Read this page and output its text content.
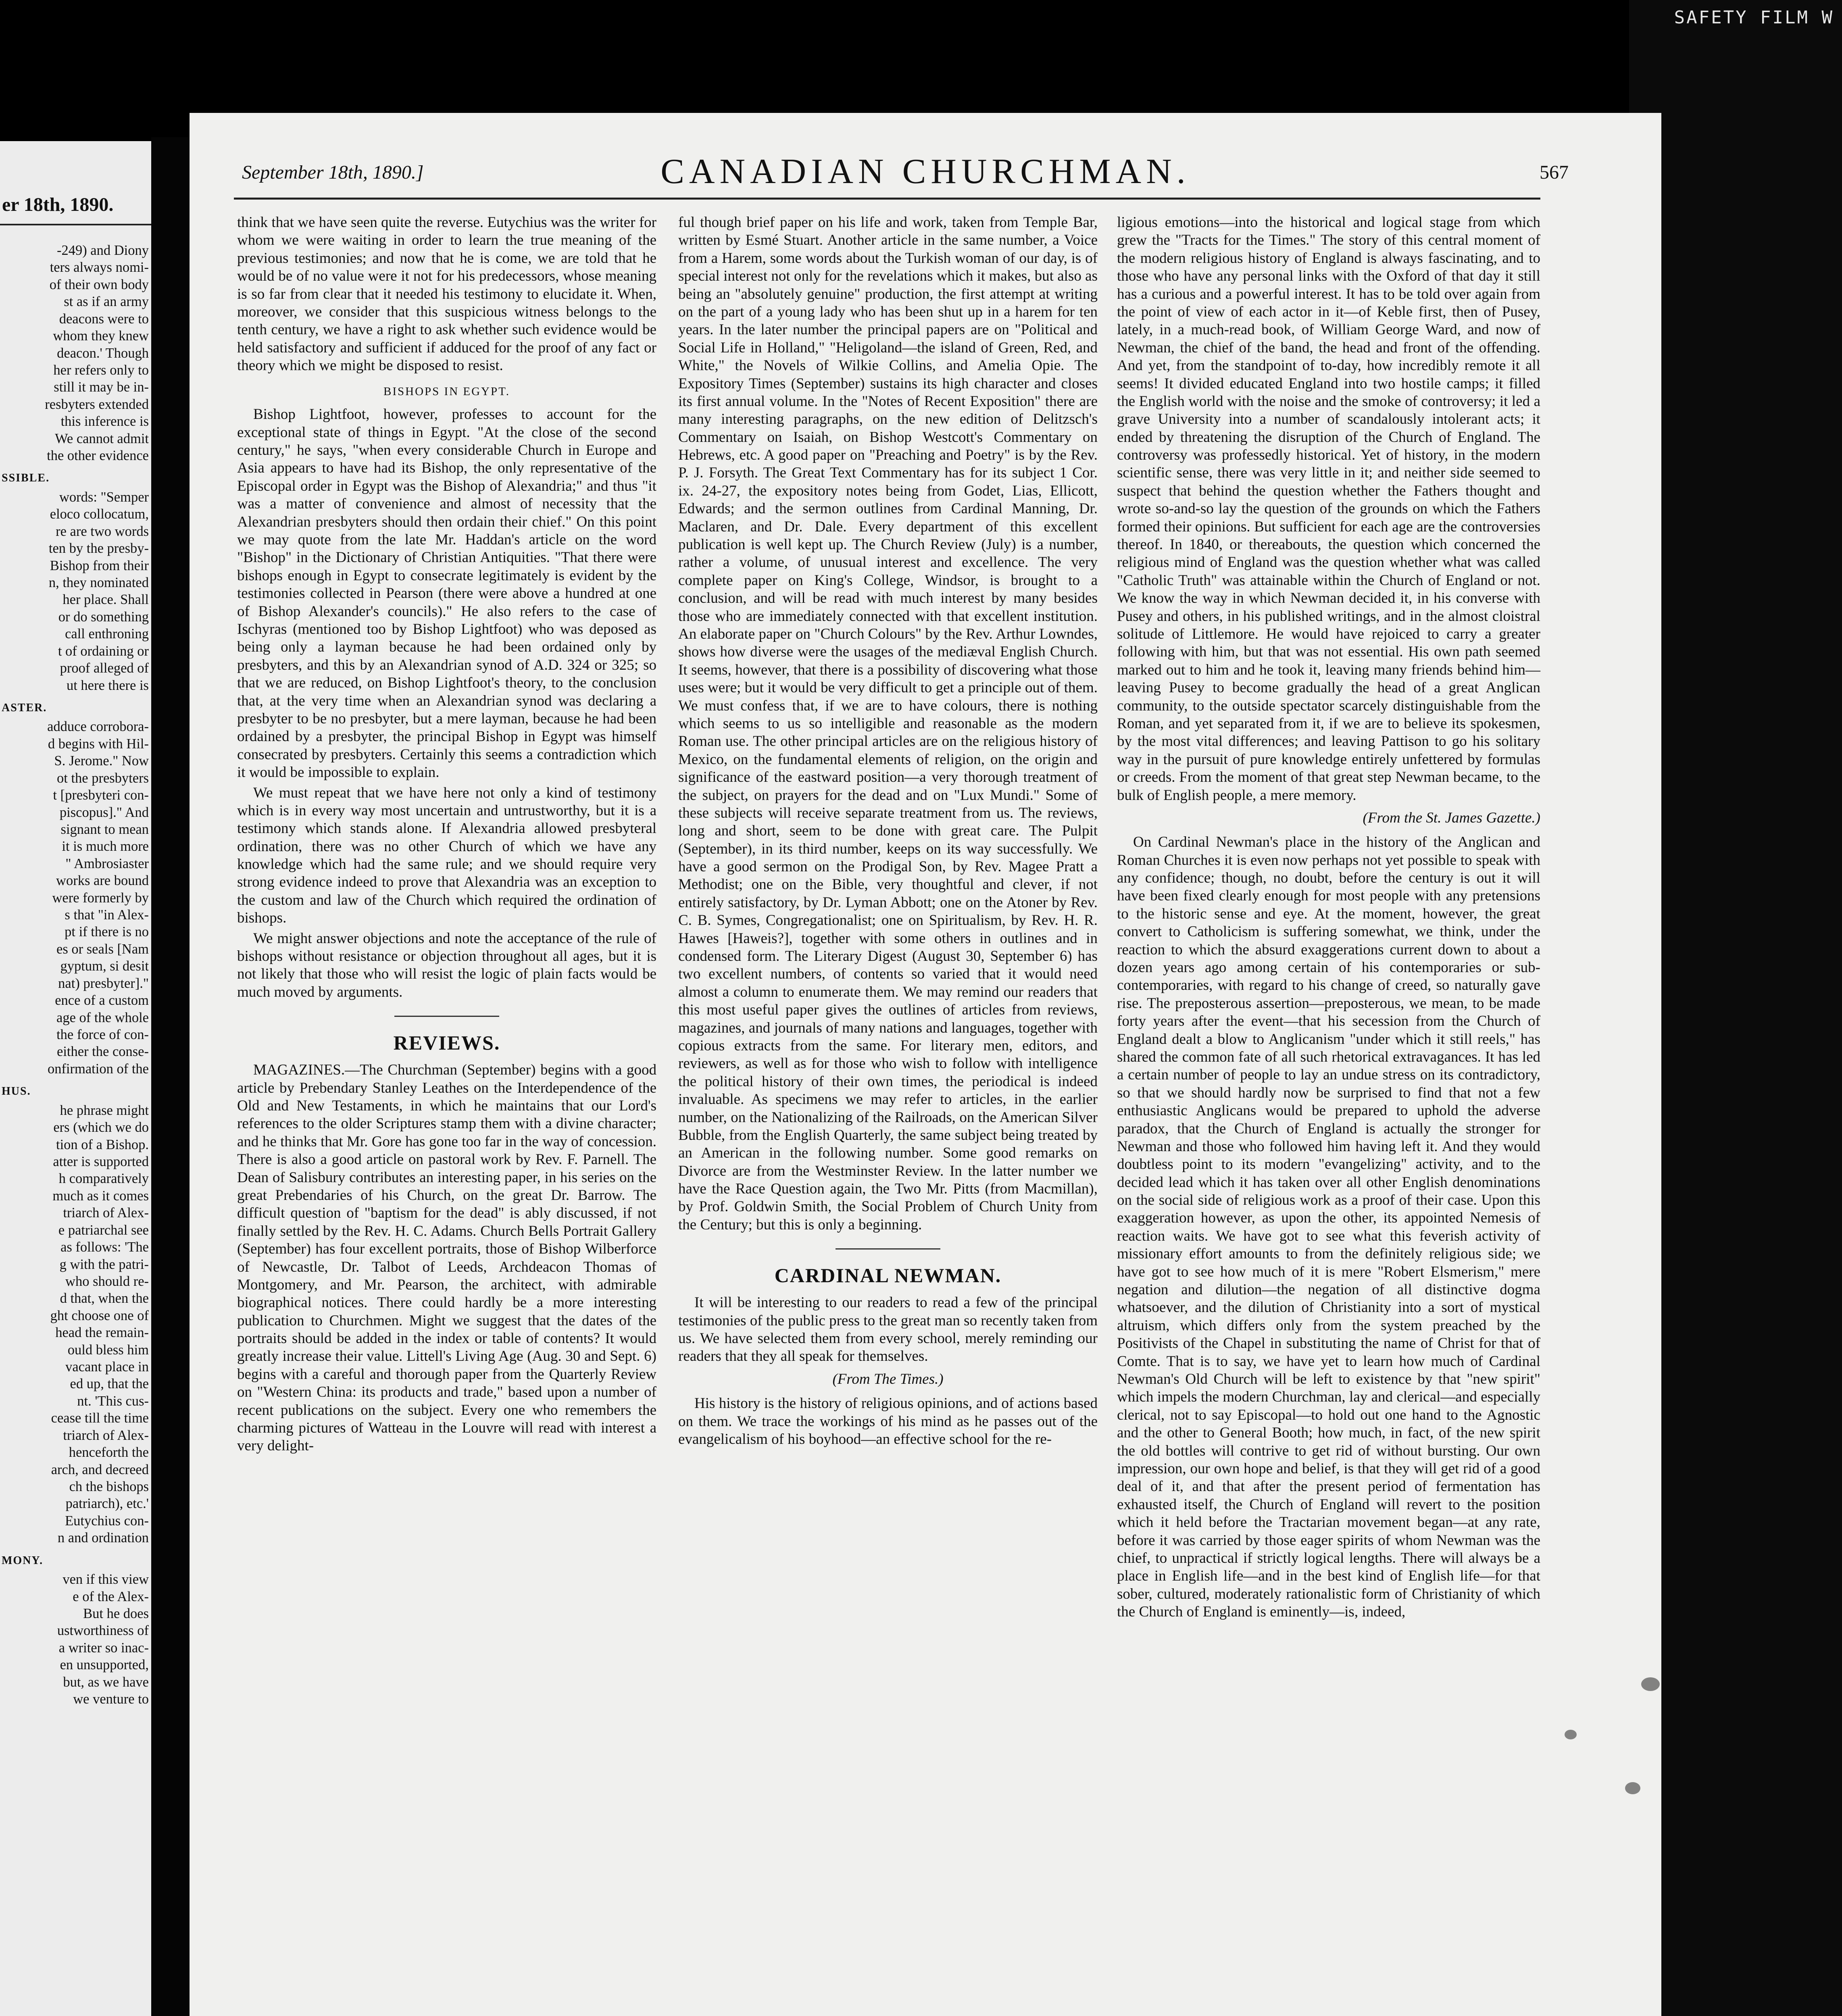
SAFETY FILM W
er 18th, 1890.
-249) and Diony
ters always nomi-
of their own body
st as if an army
deacons were to
whom they knew
deacon.' Though
her refers only to
still it may be in-
resbyters extended
this inference is
We cannot admit
the other evidence
SSIBLE.
words: "Semper
eloco collocatum,
re are two words
ten by the presby-
Bishop from their
n, they nominated
her place. Shall
or do something
call enthroning
t of ordaining or
proof alleged of
ut here there is
ASTER.
adduce corrobora-
d begins with Hil-
S. Jerome." Now
ot the presbyters
t [presbyteri con-
piscopus]." And
signant to mean
it is much more
" Ambrosiaster
works are bound
were formerly by
s that "in Alex-
pt if there is no
es or seals [Nam
gyptum, si desit
nat) presbyter]."
ence of a custom
age of the whole
the force of con-
either the conse-
onfirmation of the
HUS.
he phrase might
ers (which we do
tion of a Bishop.
atter is supported
h comparatively
much as it comes
triarch of Alex-
e patriarchal see
as follows: 'The
g with the patri-
who should re-
d that, when the
ght choose one of
head the remain-
ould bless him
vacant place in
ed up, that the
nt. 'This cus-
cease till the time
triarch of Alex-
henceforth the
arch, and decreed
ch the bishops
patriarch), etc.'
Eutychius con-
n and ordination
MONY.
ven if this view
e of the Alex-
But he does
ustworthiness of
a writer so inac-
en unsupported,
but, as we have
we venture to
September 18th, 1890.]	CANADIAN CHURCHMAN.	567

think that we have seen quite the reverse. Eutychius was the writer for whom we were waiting in order to learn the true meaning of the previous testimonies; and now that he is come, we are told that he would be of no value were it not for his predecessors, whose meaning is so far from clear that it needed his testimony to elucidate it. When, moreover, we consider that this suspicious witness belongs to the tenth century, we have a right to ask whether such evidence would be held satisfactory and sufficient if adduced for the proof of any fact or theory which we might be disposed to resist.

BISHOPS IN EGYPT.

Bishop Lightfoot, however, professes to account for the exceptional state of things in Egypt. "At the close of the second century," he says, "when every considerable Church in Europe and Asia appears to have had its Bishop, the only representative of the Episcopal order in Egypt was the Bishop of Alexandria;" and thus "it was a matter of convenience and almost of necessity that the Alexandrian presbyters should then ordain their chief." On this point we may quote from the late Mr. Haddan's article on the word "Bishop" in the Dictionary of Christian Antiquities. "That there were bishops enough in Egypt to consecrate legitimately is evident by the testimonies collected in Pearson (there were above a hundred at one of Bishop Alexander's councils)." He also refers to the case of Ischyras (mentioned too by Bishop Lightfoot) who was deposed as being only a layman because he had been ordained only by presbyters, and this by an Alexandrian synod of A.D. 324 or 325; so that we are reduced, on Bishop Lightfoot's theory, to the conclusion that, at the very time when an Alexandrian synod was declaring a presbyter to be no presbyter, but a mere layman, because he had been ordained by a presbyter, the principal Bishop in Egypt was himself consecrated by presbyters. Certainly this seems a contradiction which it would be impossible to explain.

We must repeat that we have here not only a kind of testimony which is in every way most uncertain and untrustworthy, but it is a testimony which stands alone. If Alexandria allowed presbyteral ordination, there was no other Church of which we have any knowledge which had the same rule; and we should require very strong evidence indeed to prove that Alexandria was an exception to the custom and law of the Church which required the ordination of bishops.

We might answer objections and note the acceptance of the rule of bishops without resistance or objection throughout all ages, but it is not likely that those who will resist the logic of plain facts would be much moved by arguments.

REVIEWS.

MAGAZINES.—The Churchman (September) begins with a good article by Prebendary Stanley Leathes on the Interdependence of the Old and New Testaments, in which he maintains that our Lord's references to the older Scriptures stamp them with a divine character; and he thinks that Mr. Gore has gone too far in the way of concession. There is also a good article on pastoral work by Rev. F. Parnell. The Dean of Salisbury contributes an interesting paper, in his series on the great Prebendaries of his Church, on the great Dr. Barrow. The difficult question of "baptism for the dead" is ably discussed, if not finally settled by the Rev. H. C. Adams. Church Bells Portrait Gallery (September) has four excellent portraits, those of Bishop Wilberforce of Newcastle, Dr. Talbot of Leeds, Archdeacon Thomas of Montgomery, and Mr. Pearson, the architect, with admirable biographical notices. There could hardly be a more interesting publication to Churchmen. Might we suggest that the dates of the portraits should be added in the index or table of contents? It would greatly increase their value. Littell's Living Age (Aug. 30 and Sept. 6) begins with a careful and thorough paper from the Quarterly Review on "Western China: its products and trade," based upon a number of recent publications on the subject. Every one who remembers the charming pictures of Watteau in the Louvre will read with interest a very delight-

ful though brief paper on his life and work, taken from Temple Bar, written by Esmé Stuart. Another article in the same number, a Voice from a Harem, some words about the Turkish woman of our day, is of special interest not only for the revelations which it makes, but also as being an "absolutely genuine" production, the first attempt at writing on the part of a young lady who has been shut up in a harem for ten years. In the later number the principal papers are on "Political and Social Life in Holland," "Heligoland—the island of Green, Red, and White," the Novels of Wilkie Collins, and Amelia Opie. The Expository Times (September) sustains its high character and closes its first annual volume. In the "Notes of Recent Exposition" there are many interesting paragraphs, on the new edition of Delitzsch's Commentary on Isaiah, on Bishop Westcott's Commentary on Hebrews, etc. A good paper on "Preaching and Poetry" is by the Rev. P. J. Forsyth. The Great Text Commentary has for its subject 1 Cor. ix. 24-27, the expository notes being from Godet, Lias, Ellicott, Edwards; and the sermon outlines from Cardinal Manning, Dr. Maclaren, and Dr. Dale. Every department of this excellent publication is well kept up. The Church Review (July) is a number, rather a volume, of unusual interest and excellence. The very complete paper on King's College, Windsor, is brought to a conclusion, and will be read with much interest by many besides those who are immediately connected with that excellent institution. An elaborate paper on "Church Colours" by the Rev. Arthur Lowndes, shows how diverse were the usages of the mediæval English Church. It seems, however, that there is a possibility of discovering what those uses were; but it would be very difficult to get a principle out of them. We must confess that, if we are to have colours, there is nothing which seems to us so intelligible and reasonable as the modern Roman use. The other principal articles are on the religious history of Mexico, on the fundamental elements of religion, on the origin and significance of the eastward position—a very thorough treatment of the subject, on prayers for the dead and on "Lux Mundi." Some of these subjects will receive separate treatment from us. The reviews, long and short, seem to be done with great care. The Pulpit (September), in its third number, keeps on its way successfully. We have a good sermon on the Prodigal Son, by Rev. Magee Pratt a Methodist; one on the Bible, very thoughtful and clever, if not entirely satisfactory, by Dr. Lyman Abbott; one on the Atoner by Rev. C. B. Symes, Congregationalist; one on Spiritualism, by Rev. H. R. Hawes [Haweis?], together with some others in outlines and in condensed form. The Literary Digest (August 30, September 6) has two excellent numbers, of contents so varied that it would need almost a column to enumerate them. We may remind our readers that this most useful paper gives the outlines of articles from reviews, magazines, and journals of many nations and languages, together with copious extracts from the same. For literary men, editors, and reviewers, as well as for those who wish to follow with intelligence the political history of their own times, the periodical is indeed invaluable. As specimens we may refer to articles, in the earlier number, on the Nationalizing of the Railroads, on the American Silver Bubble, from the English Quarterly, the same subject being treated by an American in the following number. Some good remarks on Divorce are from the Westminster Review. In the latter number we have the Race Question again, the Two Mr. Pitts (from Macmillan), by Prof. Goldwin Smith, the Social Problem of Church Unity from the Century; but this is only a beginning.

CARDINAL NEWMAN.

It will be interesting to our readers to read a few of the principal testimonies of the public press to the great man so recently taken from us. We have selected them from every school, merely reminding our readers that they all speak for themselves.

(From The Times.)

His history is the history of religious opinions, and of actions based on them. We trace the workings of his mind as he passes out of the evangelicalism of his boyhood—an effective school for the re-

ligious emotions—into the historical and logical stage from which grew the "Tracts for the Times." The story of this central moment of the modern religious history of England is always fascinating, and to those who have any personal links with the Oxford of that day it still has a curious and a powerful interest. It has to be told over again from the point of view of each actor in it—of Keble first, then of Pusey, lately, in a much-read book, of William George Ward, and now of Newman, the chief of the band, the head and front of the offending. And yet, from the standpoint of to-day, how incredibly remote it all seems! It divided educated England into two hostile camps; it filled the English world with the noise and the smoke of controversy; it led a grave University into a number of scandalously intolerant acts; it ended by threatening the disruption of the Church of England. The controversy was professedly historical. Yet of history, in the modern scientific sense, there was very little in it; and neither side seemed to suspect that behind the question whether the Fathers thought and wrote so-and-so lay the question of the grounds on which the Fathers formed their opinions. But sufficient for each age are the controversies thereof. In 1840, or thereabouts, the question which concerned the religious mind of England was the question whether what was called "Catholic Truth" was attainable within the Church of England or not. We know the way in which Newman decided it, in his converse with Pusey and others, in his published writings, and in the almost cloistral solitude of Littlemore. He would have rejoiced to carry a greater following with him, but that was not essential. His own path seemed marked out to him and he took it, leaving many friends behind him—leaving Pusey to become gradually the head of a great Anglican community, to the outside spectator scarcely distinguishable from the Roman, and yet separated from it, if we are to believe its spokesmen, by the most vital differences; and leaving Pattison to go his solitary way in the pursuit of pure knowledge entirely unfettered by formulas or creeds. From the moment of that great step Newman became, to the bulk of English people, a mere memory.

(From the St. James Gazette.)

On Cardinal Newman's place in the history of the Anglican and Roman Churches it is even now perhaps not yet possible to speak with any confidence; though, no doubt, before the century is out it will have been fixed clearly enough for most people with any pretensions to the historic sense and eye. At the moment, however, the great convert to Catholicism is suffering somewhat, we think, under the reaction to which the absurd exaggerations current down to about a dozen years ago among certain of his contemporaries or sub-contemporaries, with regard to his change of creed, so naturally gave rise. The preposterous assertion—preposterous, we mean, to be made forty years after the event—that his secession from the Church of England dealt a blow to Anglicanism "under which it still reels," has shared the common fate of all such rhetorical extravagances. It has led a certain number of people to lay an undue stress on its contradictory, so that we should hardly now be surprised to find that not a few enthusiastic Anglicans would be prepared to uphold the adverse paradox, that the Church of England is actually the stronger for Newman and those who followed him having left it. And they would doubtless point to its modern "evangelizing" activity, and to the decided lead which it has taken over all other English denominations on the social side of religious work as a proof of their case. Upon this exaggeration however, as upon the other, its appointed Nemesis of reaction waits. We have got to see what this feverish activity of missionary effort amounts to from the definitely religious side; we have got to see how much of it is mere "Robert Elsmerism," mere negation and dilution—the negation of all distinctive dogma whatsoever, and the dilution of Christianity into a sort of mystical altruism, which differs only from the system preached by the Positivists of the Chapel in substituting the name of Christ for that of Comte. That is to say, we have yet to learn how much of Cardinal Newman's Old Church will be left to existence by that "new spirit" which impels the modern Churchman, lay and clerical—and especially clerical, not to say Episcopal—to hold out one hand to the Agnostic and the other to General Booth; how much, in fact, of the new spirit the old bottles will contrive to get rid of without bursting. Our own impression, our own hope and belief, is that they will get rid of a good deal of it, and that after the present period of fermentation has exhausted itself, the Church of England will revert to the position which it held before the Tractarian movement began—at any rate, before it was carried by those eager spirits of whom Newman was the chief, to unpractical if strictly logical lengths. There will always be a place in English life—and in the best kind of English life—for that sober, cultured, moderately rationalistic form of Christianity of which the Church of England is eminently—is, indeed,
